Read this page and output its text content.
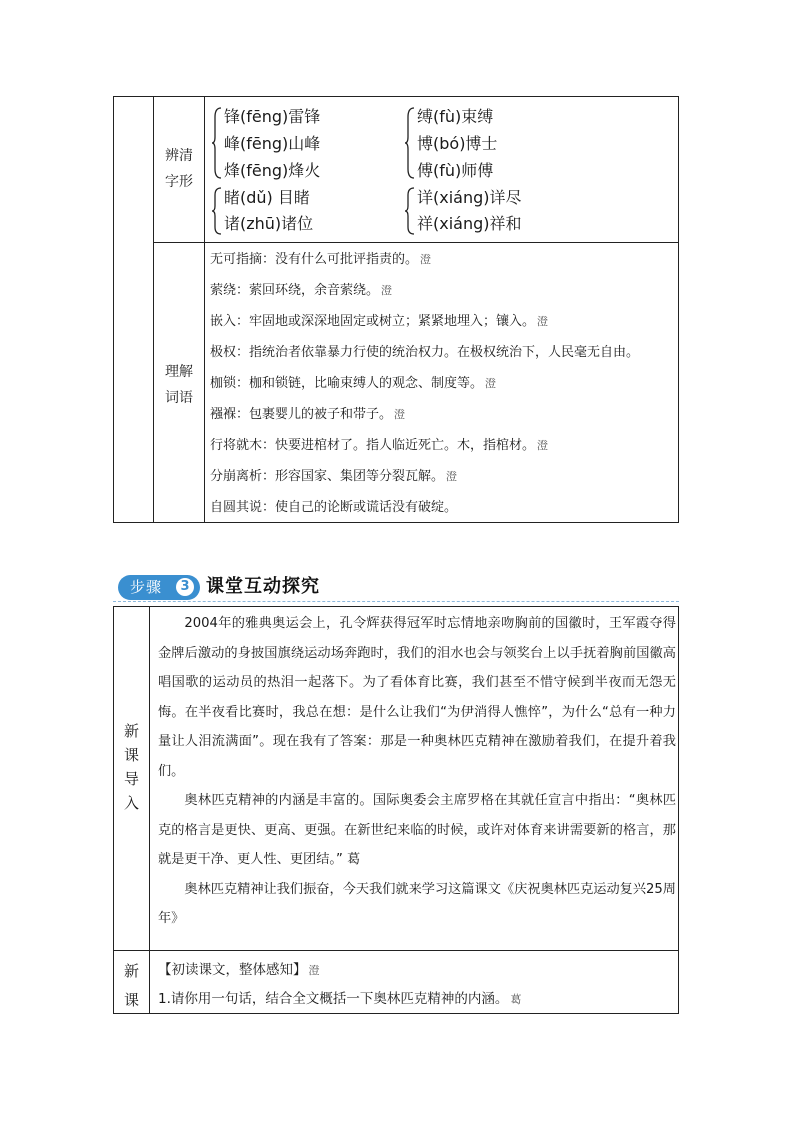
辨清
字形
锋(fēng)雷锋
峰(fēng)山峰
烽(fēng)烽火
缚(fù)束缚
博(bó)博士
傅(fù)师傅
睹(dǔ) 目睹
诸(zhū)诸位
详(xiáng)详尽
祥(xiáng)祥和
理解
词语
无可指摘：没有什么可批评指责的。 澄
萦绕：萦回环绕，余音萦绕。 澄
嵌入：牢固地或深深地固定或树立；紧紧地埋入；镶入。 澄
极权：指统治者依靠暴力行使的统治权力。在极权统治下，人民毫无自由。
枷锁：枷和锁链，比喻束缚人的观念、制度等。 澄
襁褓：包裹婴儿的被子和带子。 澄
行将就木：快要进棺材了。指人临近死亡。木，指棺材。 澄
分崩离析：形容国家、集团等分裂瓦解。 澄
自圆其说：使自己的论断或谎话没有破绽。
步骤	3 课堂互动探究
新
课
导
入

2004年的雅典奥运会上，孔令辉获得冠军时忘情地亲吻胸前的国徽时，王军霞夺得金牌后激动的身披国旗绕运动场奔跑时，我们的泪水也会与领奖台上以手抚着胸前国徽高唱国歌的运动员的热泪一起落下。为了看体育比赛，我们甚至不惜守候到半夜而无怨无悔。在半夜看比赛时，我总在想：是什么让我们“为伊消得人憔悴”，为什么“总有一种力量让人泪流满面”。现在我有了答案：那是一种奥林匹克精神在激励着我们，在提升着我们。

奥林匹克精神的内涵是丰富的。国际奥委会主席罗格在其就任宣言中指出：“奥林匹克的格言是更快、更高、更强。在新世纪来临的时候，或许对体育来讲需要新的格言，那就是更干净、更人性、更团结。” 葛

奥林匹克精神让我们振奋，今天我们就来学习这篇课文《庆祝奥林匹克运动复兴25周年》

新
课
【初读课文，整体感知】 澄
1.请你用一句话，结合全文概括一下奥林匹克精神的内涵。 葛
